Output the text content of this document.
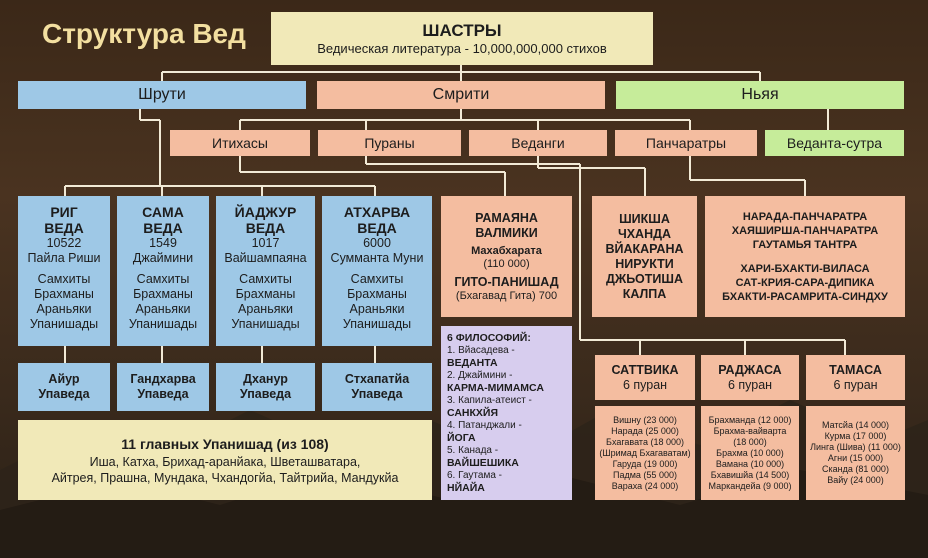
Структура Вед	ШАСТРЫ
Ведическая литература - 10,000,000,000 стихов
Шрути	Смрити	Ньяя
Итихасы	Пураны	Веданги	Панчаратры	Веданта-сутра
РИГ
ВЕДА
10522
Пайла Риши
Самхиты
Брахманы
Араньяки
Упанишады
САМА
ВЕДА
1549
Джаймини
Самхиты
Брахманы
Араньяки
Упанишады
ЙАДЖУР
ВЕДА
1017
Вайшампаяна
Самхиты
Брахманы
Араньяки
Упанишады
АТХАРВА
ВЕДА
6000
Сумманта Муни
Самхиты
Брахманы
Араньяки
Упанишады
Айур
Упаведа
Гандхарва
Упаведа
Дханур
Упаведа
Стхапатйа
Упаведа
11 главных Упанишад (из 108)
Иша, Катха, Брихад-аранйака, Шветашватара,
Айтрея, Прашна, Мундака, Чхандогйа, Тайтрийа, Мандукйа
РАМАЯНА
ВАЛМИКИ
Махабхарата
(110 000)
ГИТО-ПАНИШАД
(Бхагавад Гита) 700
ШИКША
ЧХАНДА
ВЙАКАРАНА
НИРУКТИ
ДЖЬОТИША
КАЛПА
НАРАДА-ПАНЧАРАТРА
ХАЯШИРША-ПАНЧАРАТРА
ГАУТАМЬЯ ТАНТРА
ХАРИ-БХАКТИ-ВИЛАСА
САТ-КРИЯ-САРА-ДИПИКА
БХАКТИ-РАСАМРИТА-СИНДХУ
6 ФИЛОСОФИЙ:
1. Вйасадева -
ВЕДАНТА
2. Джаймини -
КАРМА-МИМАМСА
3. Капила-атеист -
САНКХЙЯ
4. Патанджали -
ЙОГА
5. Канада -
ВАЙШЕШИКА
6. Гаутама -
НЙАЙА
САТТВИКА
6 пуран
РАДЖАСА
6 пуран
ТАМАСА
6 пуран
Вишну (23 000)
Нарада (25 000)
Бхагавата (18 000)
(Шримад Бхагаватам)
Гаруда (19 000)
Падма (55 000)
Вараха (24 000)
Брахманда (12 000)
Брахма-вайварта
(18 000)
Брахма (10 000)
Вамана (10 000)
Бхавишйа (14 500)
Маркандейа (9 000)
Матсйа (14 000)
Курма (17 000)
Линга (Шива) (11 000)
Агни (15 000)
Сканда (81 000)
Вайу (24 000)
